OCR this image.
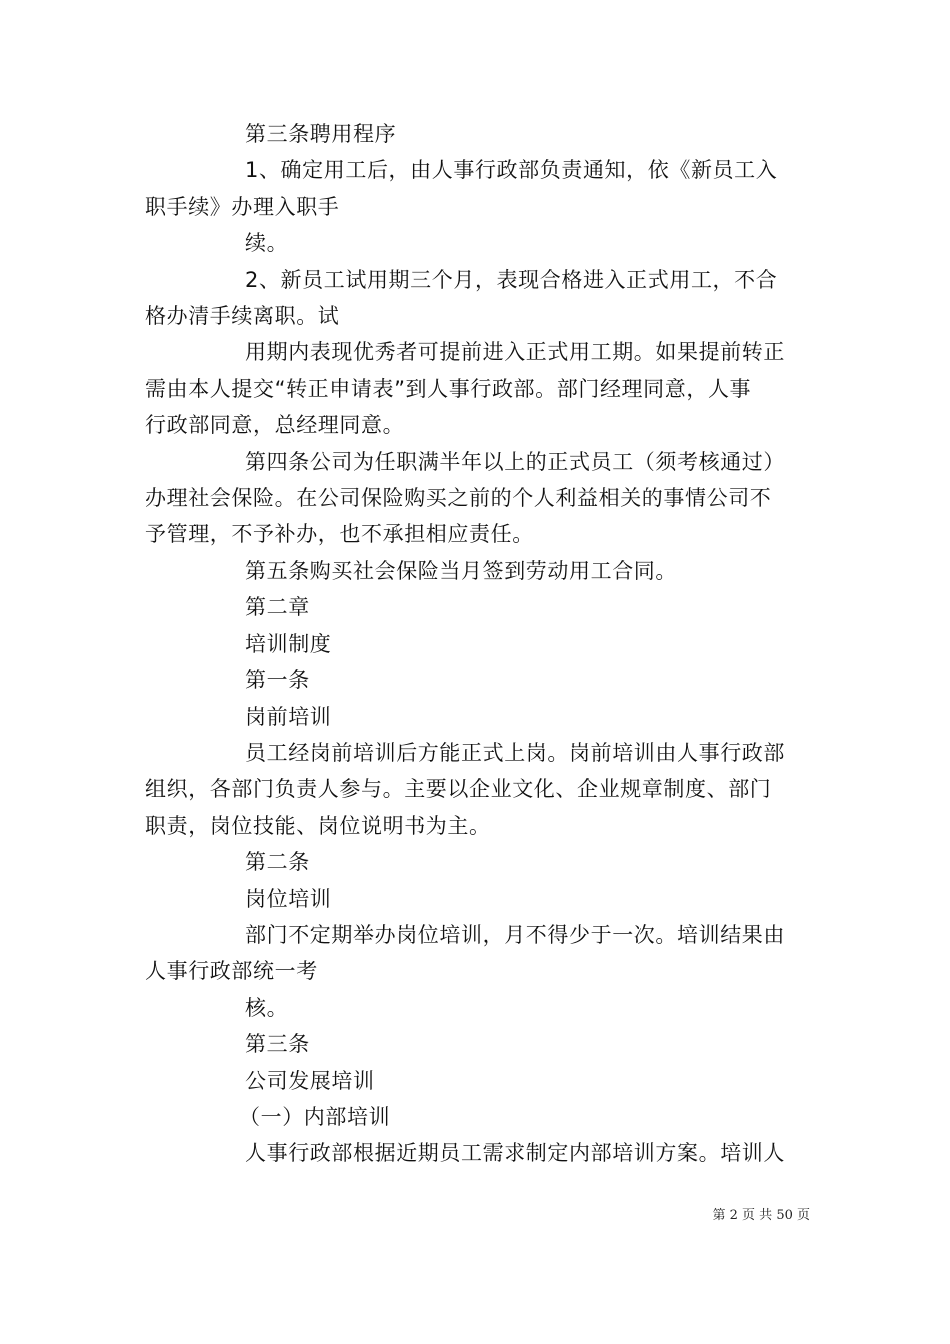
第三条聘用程序

1、确定用工后，由人事行政部负责通知，依《新员工入

职手续》办理入职手

续。

2、新员工试用期三个月，表现合格进入正式用工，不合

格办清手续离职。试

用期内表现优秀者可提前进入正式用工期。如果提前转正

需由本人提交“转正申请表”到人事行政部。部门经理同意，人事

行政部同意，总经理同意。

第四条公司为任职满半年以上的正式员工（须考核通过）

办理社会保险。在公司保险购买之前的个人利益相关的事情公司不

予管理，不予补办，也不承担相应责任。

第五条购买社会保险当月签到劳动用工合同。

第二章

培训制度

第一条

岗前培训

员工经岗前培训后方能正式上岗。岗前培训由人事行政部

组织，各部门负责人参与。主要以企业文化、企业规章制度、部门

职责，岗位技能、岗位说明书为主。

第二条

岗位培训

部门不定期举办岗位培训，月不得少于一次。培训结果由

人事行政部统一考

核。

第三条

公司发展培训

（一）内部培训

人事行政部根据近期员工需求制定内部培训方案。培训人

第 2 页 共 50 页
